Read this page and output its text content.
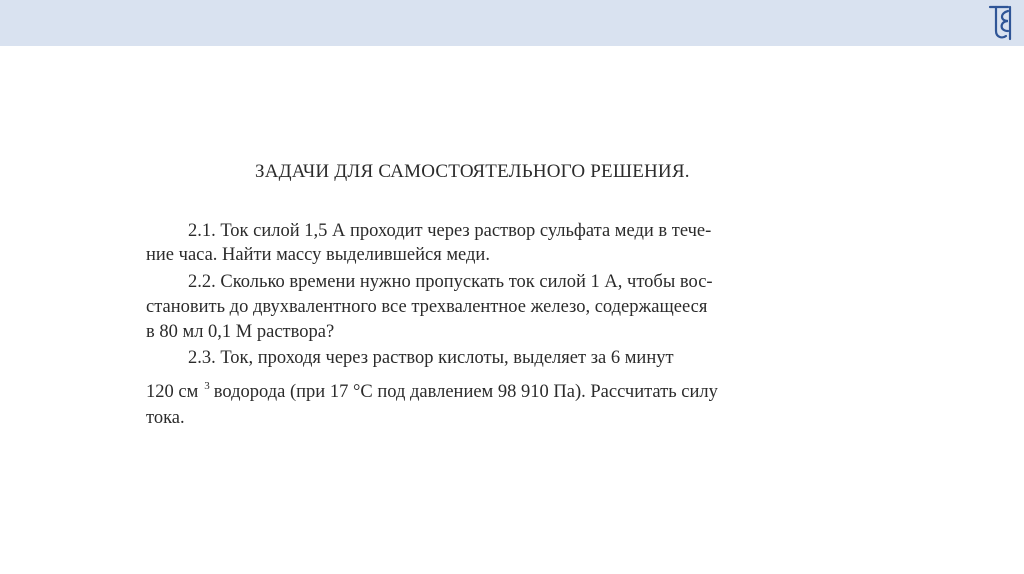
ЗАДАЧИ ДЛЯ САМОСТОЯТЕЛЬНОГО РЕШЕНИЯ.
2.1. Ток силой 1,5 А проходит через раствор сульфата меди в тече-
ние часа. Найти массу выделившейся меди.
2.2. Сколько времени нужно пропускать ток силой 1 А, чтобы вос-
становить до двухвалентного все трехвалентное железо, содержащееся
в 80 мл 0,1 М раствора?
2.3. Ток, проходя через раствор кислоты, выделяет за 6 минут
120 см $^3$ водорода (при 17 °С под давлением 98 910 Па). Рассчитать силу
тока.
